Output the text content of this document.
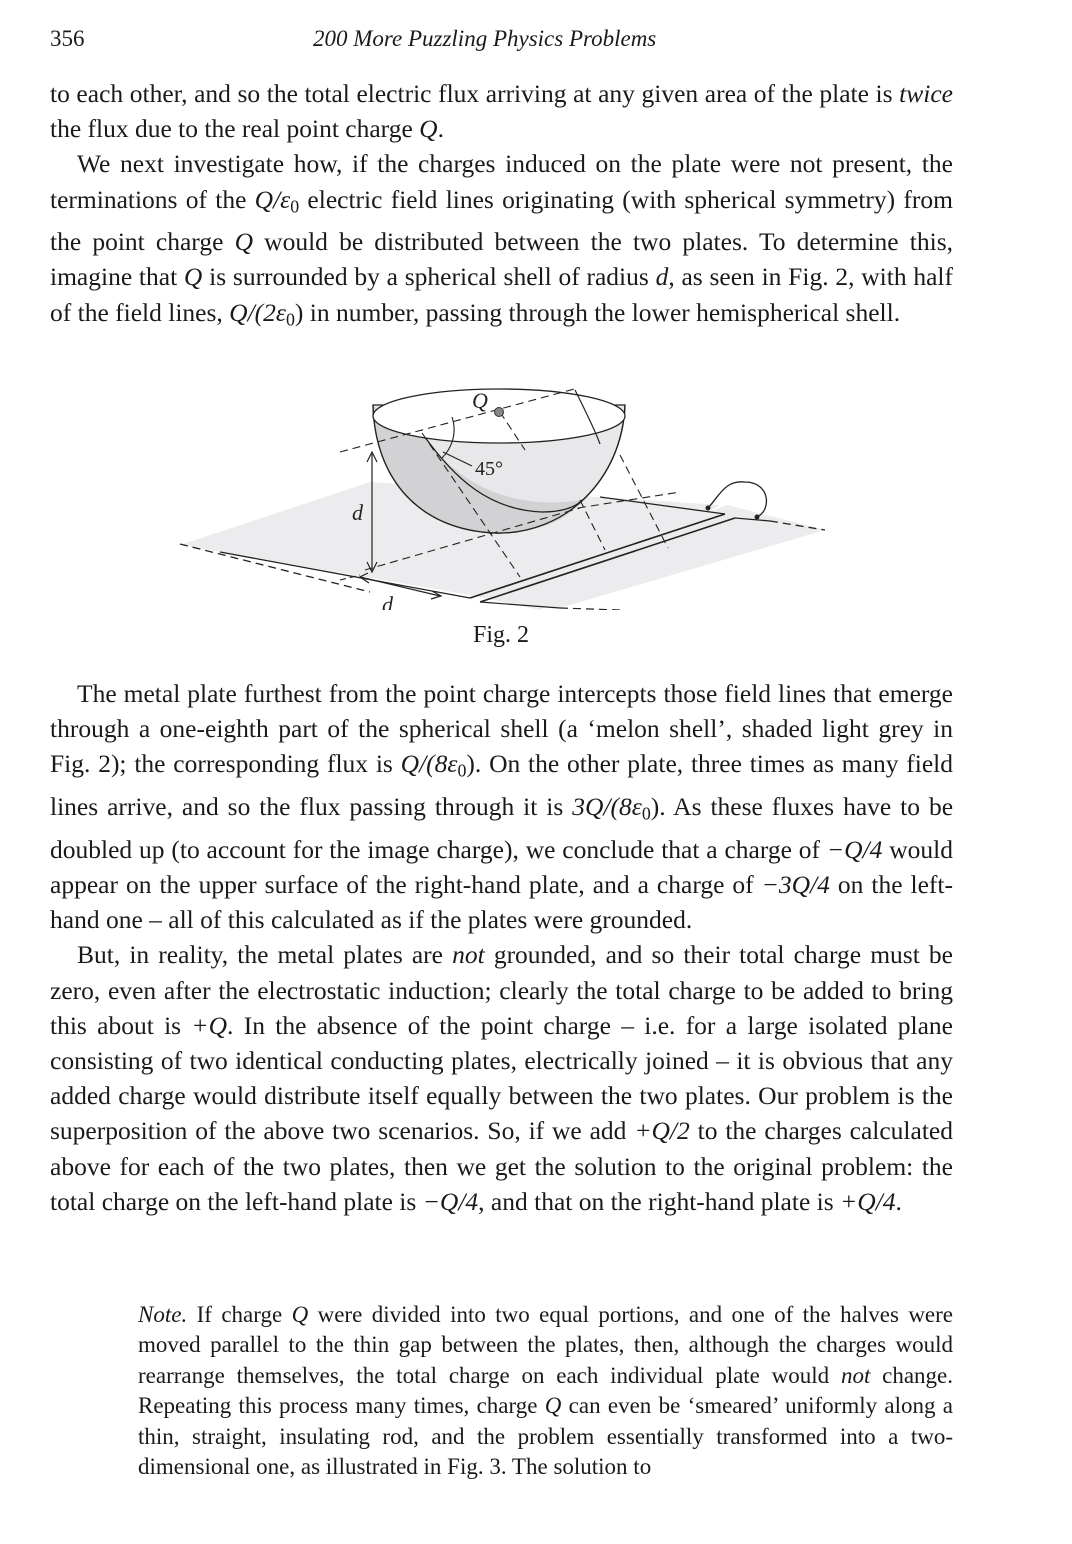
356	200 More Puzzling Physics Problems

to each other, and so the total electric flux arriving at any given area of the plate is twice the flux due to the real point charge Q.

We next investigate how, if the charges induced on the plate were not present, the terminations of the $Q/\varepsilon_0$ electric field lines originating (with spherical symmetry) from the point charge Q would be distributed between the two plates. To determine this, imagine that Q is surrounded by a spherical shell of radius d, as seen in Fig. 2, with half of the field lines, $Q/(2\varepsilon_0)$ in number, passing through the lower hemispherical shell.

45°
Q
d
d
Fig. 2

The metal plate furthest from the point charge intercepts those field lines that emerge through a one-eighth part of the spherical shell (a ‘melon shell’, shaded light grey in Fig. 2); the corresponding flux is $Q/(8\varepsilon_0)$. On the other plate, three times as many field lines arrive, and so the flux passing through it is $3Q/(8\varepsilon_0)$. As these fluxes have to be doubled up (to account for the image charge), we conclude that a charge of −Q/4 would appear on the upper surface of the right-hand plate, and a charge of −3Q/4 on the left-hand one – all of this calculated as if the plates were grounded.

But, in reality, the metal plates are not grounded, and so their total charge must be zero, even after the electrostatic induction; clearly the total charge to be added to bring this about is +Q. In the absence of the point charge – i.e. for a large isolated plane consisting of two identical conducting plates, electrically joined – it is obvious that any added charge would distribute itself equally between the two plates. Our problem is the superposition of the above two scenarios. So, if we add +Q/2 to the charges calculated above for each of the two plates, then we get the solution to the original problem: the total charge on the left-hand plate is −Q/4, and that on the right-hand plate is +Q/4.

Note. If charge Q were divided into two equal portions, and one of the halves were moved parallel to the thin gap between the plates, then, although the charges would rearrange themselves, the total charge on each individual plate would not change. Repeating this process many times, charge Q can even be ‘smeared’ uniformly along a thin, straight, insulating rod, and the problem essentially transformed into a two-dimensional one, as illustrated in Fig. 3. The solution to
